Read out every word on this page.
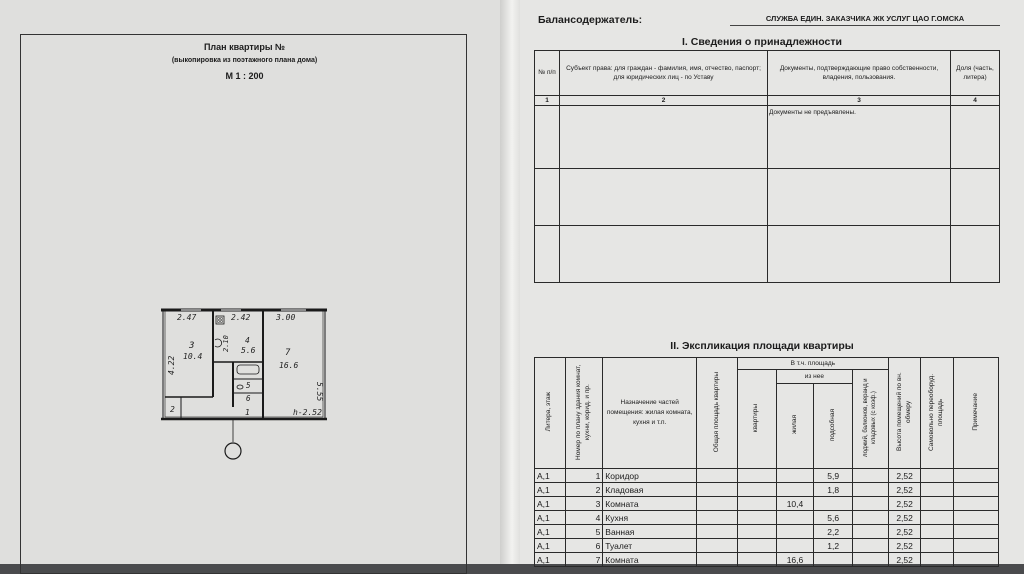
План квартиры №
(выкопировка из поэтажного плана дома)
М 1 : 200
2.47	2.42	3.00
4.22
2.10
5.55
3
10.4
4
5.6	7
16.6
5
6
2	1	h-2.52
Балансодержатель:	СЛУЖБА ЕДИН. ЗАКАЗЧИКА ЖК УСЛУГ ЦАО Г.ОМСКА
I. Сведения о принадлежности
№ п/п	Субъект права: для граждан - фамилия, имя, отчество, паспорт; для юридических лиц - по Уставу	Документы, подтверждающие право собственности, владения, пользования.	Доля (часть, литера)
1	2	3	4
		Документы не предъявлены.	

II. Экспликация площади квартиры
Литера, этаж	Номер по плану здания комнат, кухни, корид. и пр.	Назначение частей помещения: жилая комната, кухня и т.п.	Общая площадь квартиры	В т.ч. площадь				Высота помещений по вн. обмеру	Самовольно переоборуд. площадь	Примечание
				квартиры	из нее		лоджий, балконов, веранд и кладовых (с коэф.)			
					жилая	подсобная				
А,1	1	Коридор				5,9		2,52		
А,1	2	Кладовая				1,8		2,52		
А,1	3	Комната			10,4			2,52		
А,1	4	Кухня				5,6		2,52		
А,1	5	Ванная				2,2		2,52		
А,1	6	Туалет				1,2		2,52		
А,1	7	Комната			16,6			2,52		
